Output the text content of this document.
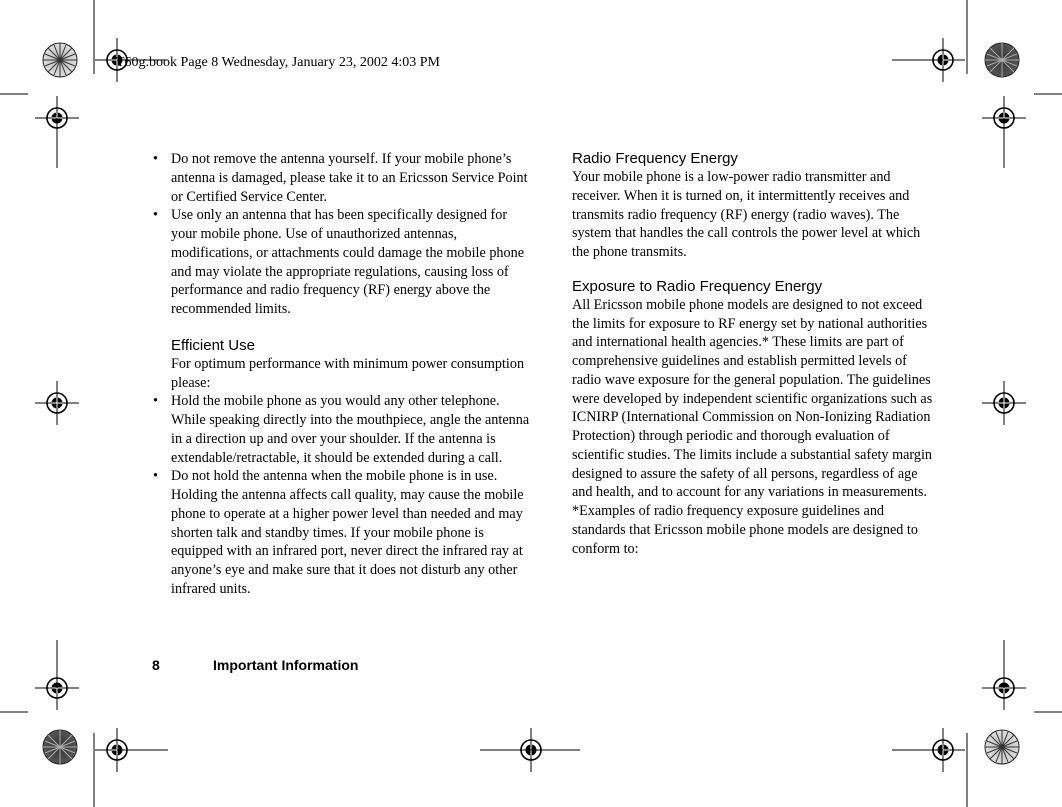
T60g.book Page 8 Wednesday, January 23, 2002 4:03 PM

• Do not remove the antenna yourself. If your mobile phone’s antenna is damaged, please take it to an Ericsson Service Point or Certified Service Center.

• Use only an antenna that has been specifically designed for your mobile phone. Use of unauthorized antennas, modifications, or attachments could damage the mobile phone and may violate the appropriate regulations, causing loss of performance and radio frequency (RF) energy above the recommended limits.

Efficient Use

For optimum performance with minimum power consumption please:

• Hold the mobile phone as you would any other telephone. While speaking directly into the mouthpiece, angle the antenna in a direction up and over your shoulder. If the antenna is extendable/retractable, it should be extended during a call.

• Do not hold the antenna when the mobile phone is in use. Holding the antenna affects call quality, may cause the mobile phone to operate at a higher power level than needed and may shorten talk and standby times. If your mobile phone is equipped with an infrared port, never direct the infrared ray at anyone’s eye and make sure that it does not disturb any other infrared units.

Radio Frequency Energy

Your mobile phone is a low-power radio transmitter and receiver. When it is turned on, it intermittently receives and transmits radio frequency (RF) energy (radio waves). The system that handles the call controls the power level at which the phone transmits.

Exposure to Radio Frequency Energy

All Ericsson mobile phone models are designed to not exceed the limits for exposure to RF energy set by national authorities and international health agencies.* These limits are part of comprehensive guidelines and establish permitted levels of radio wave exposure for the general population. The guidelines were developed by independent scientific organizations such as ICNIRP (International Commission on Non-Ionizing Radiation Protection) through periodic and thorough evaluation of scientific studies. The limits include a substantial safety margin designed to assure the safety of all persons, regardless of age and health, and to account for any variations in measurements.

*Examples of radio frequency exposure guidelines and standards that Ericsson mobile phone models are designed to conform to:

8	Important Information
